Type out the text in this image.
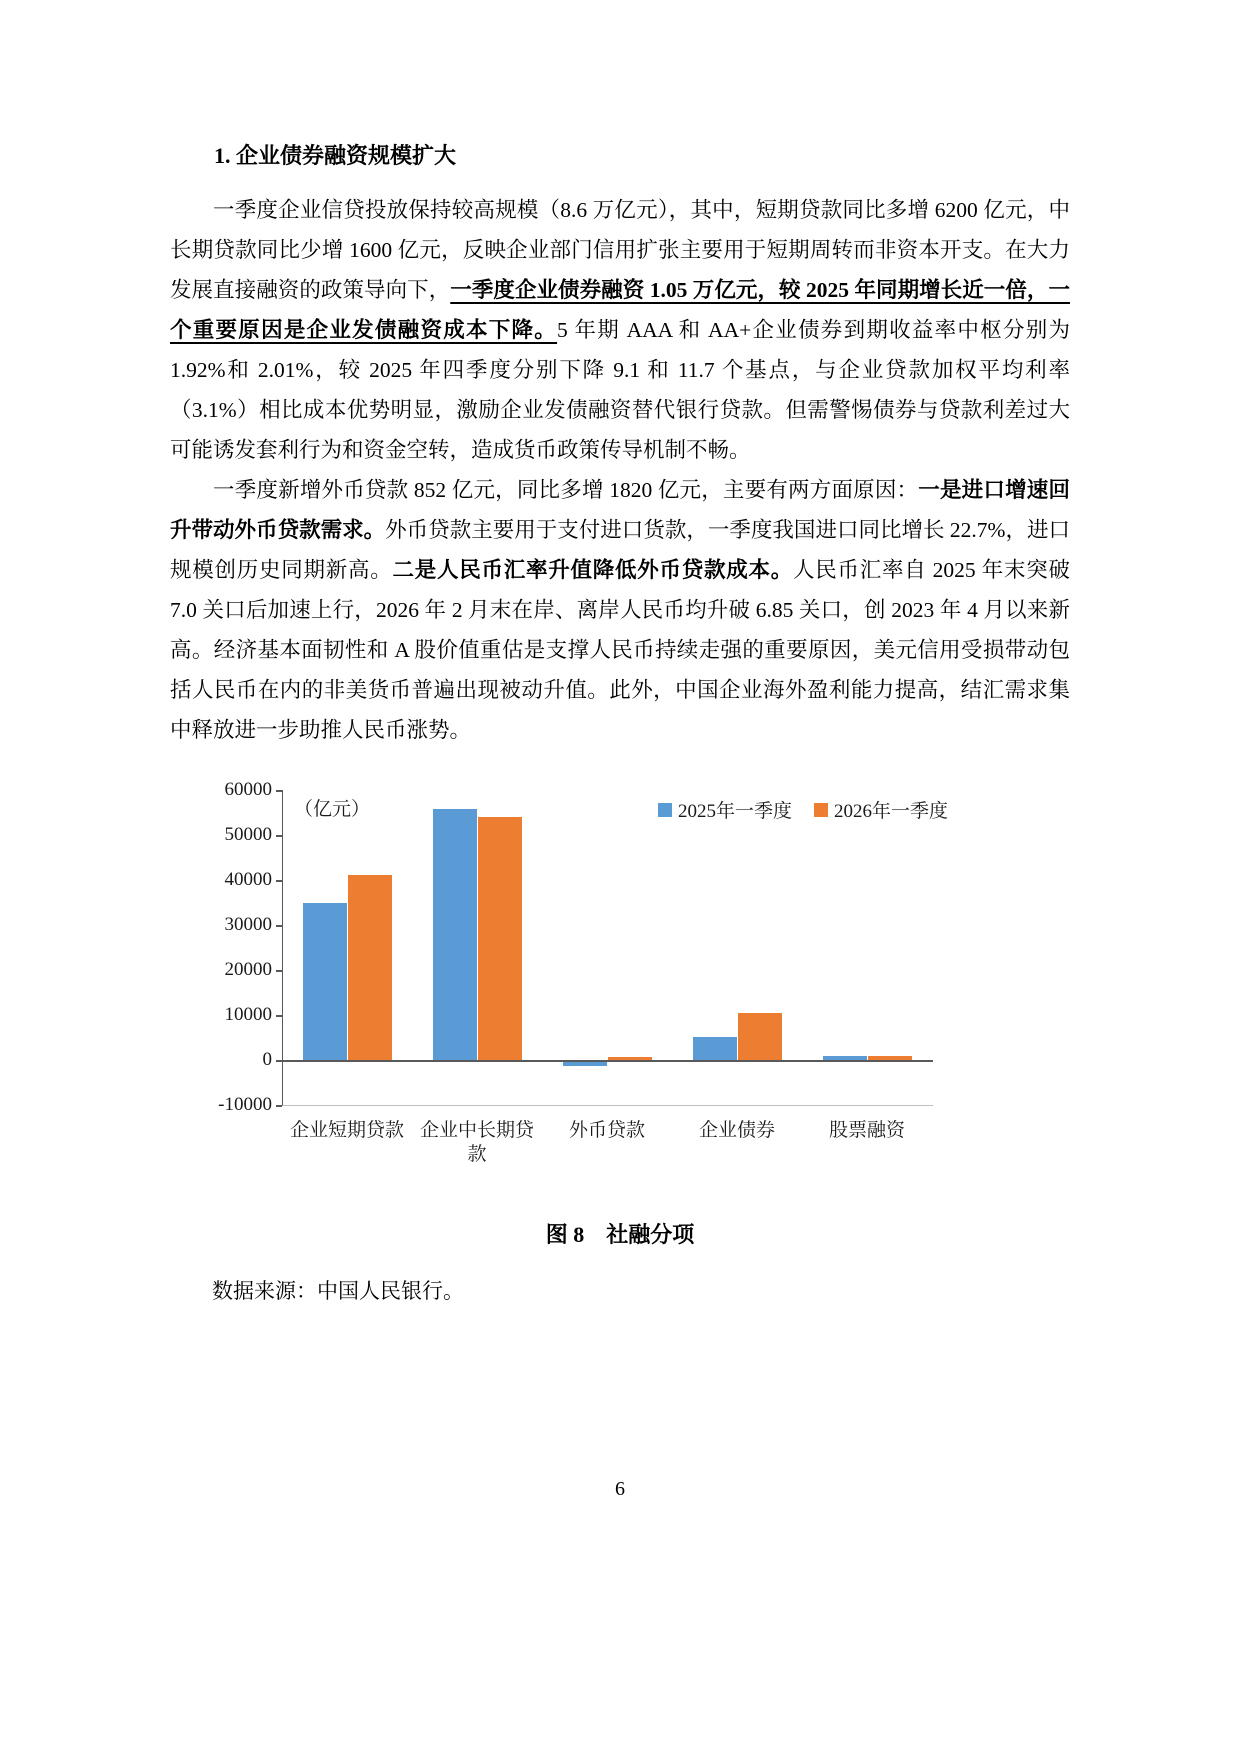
1. 企业债券融资规模扩大

一季度企业信贷投放保持较高规模（8.6 万亿元），其中，短期贷款同比多增 6200 亿元，中长期贷款同比少增 1600 亿元，反映企业部门信用扩张主要用于短期周转而非资本开支。在大力发展直接融资的政策导向下，一季度企业债券融资 1.05 万亿元，较 2025 年同期增长近一倍，一个重要原因是企业发债融资成本下降。5 年期 AAA 和 AA+企业债券到期收益率中枢分别为 1.92%和 2.01%，较 2025 年四季度分别下降 9.1 和 11.7 个基点，与企业贷款加权平均利率（3.1%）相比成本优势明显，激励企业发债融资替代银行贷款。但需警惕债券与贷款利差过大可能诱发套利行为和资金空转，造成货币政策传导机制不畅。

一季度新增外币贷款 852 亿元，同比多增 1820 亿元，主要有两方面原因：一是进口增速回升带动外币贷款需求。外币贷款主要用于支付进口货款，一季度我国进口同比增长 22.7%，进口规模创历史同期新高。二是人民币汇率升值降低外币贷款成本。人民币汇率自 2025 年末突破 7.0 关口后加速上行，2026 年 2 月末在岸、离岸人民币均升破 6.85 关口，创 2023 年 4 月以来新高。经济基本面韧性和 A 股价值重估是支撑人民币持续走强的重要原因，美元信用受损带动包括人民币在内的非美货币普遍出现被动升值。此外，中国企业海外盈利能力提高，结汇需求集中释放进一步助推人民币涨势。

（亿元）	2025年一季度 2026年一季度
60000
50000
40000
30000
20000
10000
0
-10000
企业短期贷款 企业中长期贷款
外币贷款	企业债券	股票融资
图 8　社融分项
数据来源：中国人民银行。
6
